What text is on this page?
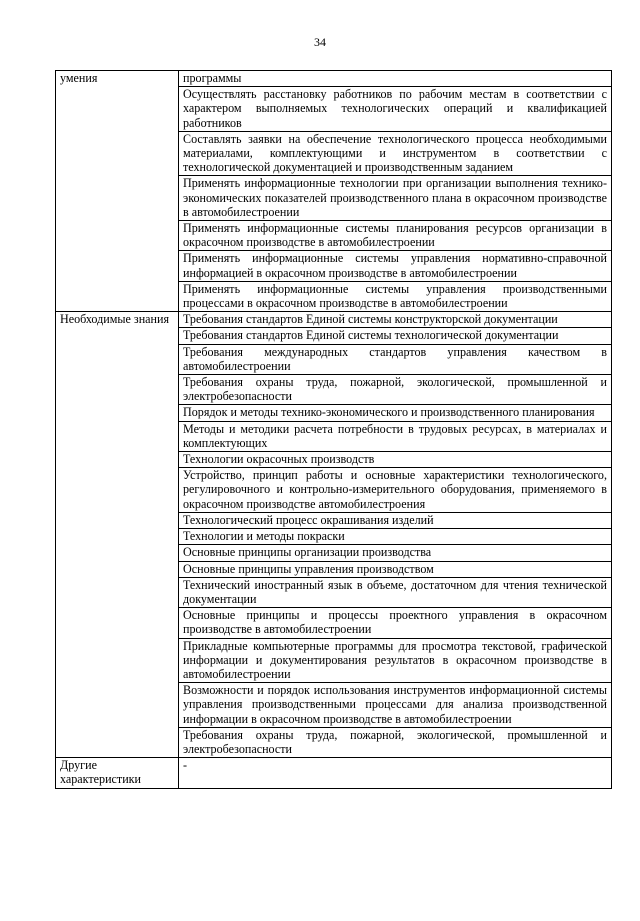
34
умения	программы
	Осуществлять расстановку работников по рабочим местам в соответствии с характером выполняемых технологических операций и квалификацией работников
	Составлять заявки на обеспечение технологического процесса необходимыми материалами, комплектующими и инструментом в соответствии с технологической документацией и производственным заданием
	Применять информационные технологии при организации выполнения технико-экономических показателей производственного плана в окрасочном производстве в автомобилестроении
	Применять информационные системы планирования ресурсов организации в окрасочном производстве в автомобилестроении
	Применять информационные системы управления нормативно-справочной информацией в окрасочном производстве в автомобилестроении
	Применять информационные системы управления производственными процессами в окрасочном производстве в автомобилестроении
Необходимые знания	Требования стандартов Единой системы конструкторской документации
	Требования стандартов Единой системы технологической документации
	Требования международных стандартов управления качеством в автомобилестроении
	Требования охраны труда, пожарной, экологической, промышленной и электробезопасности
	Порядок и методы технико-экономического и производственного планирования
	Методы и методики расчета потребности в трудовых ресурсах, в материалах и комплектующих
	Технологии окрасочных производств
	Устройство, принцип работы и основные характеристики технологического, регулировочного и контрольно-измерительного оборудования, применяемого в окрасочном производстве автомобилестроения
	Технологический процесс окрашивания изделий
	Технологии и методы покраски
	Основные принципы организации производства
	Основные принципы управления производством
	Технический иностранный язык в объеме, достаточном для чтения технической документации
	Основные принципы и процессы проектного управления в окрасочном производстве в автомобилестроении
	Прикладные компьютерные программы для просмотра текстовой, графической информации и документирования результатов в окрасочном производстве в автомобилестроении
	Возможности и порядок использования инструментов информационной системы управления производственными процессами для анализа производственной информации в окрасочном производстве в автомобилестроении
	Требования охраны труда, пожарной, экологической, промышленной и электробезопасности
Другие характеристики	-
